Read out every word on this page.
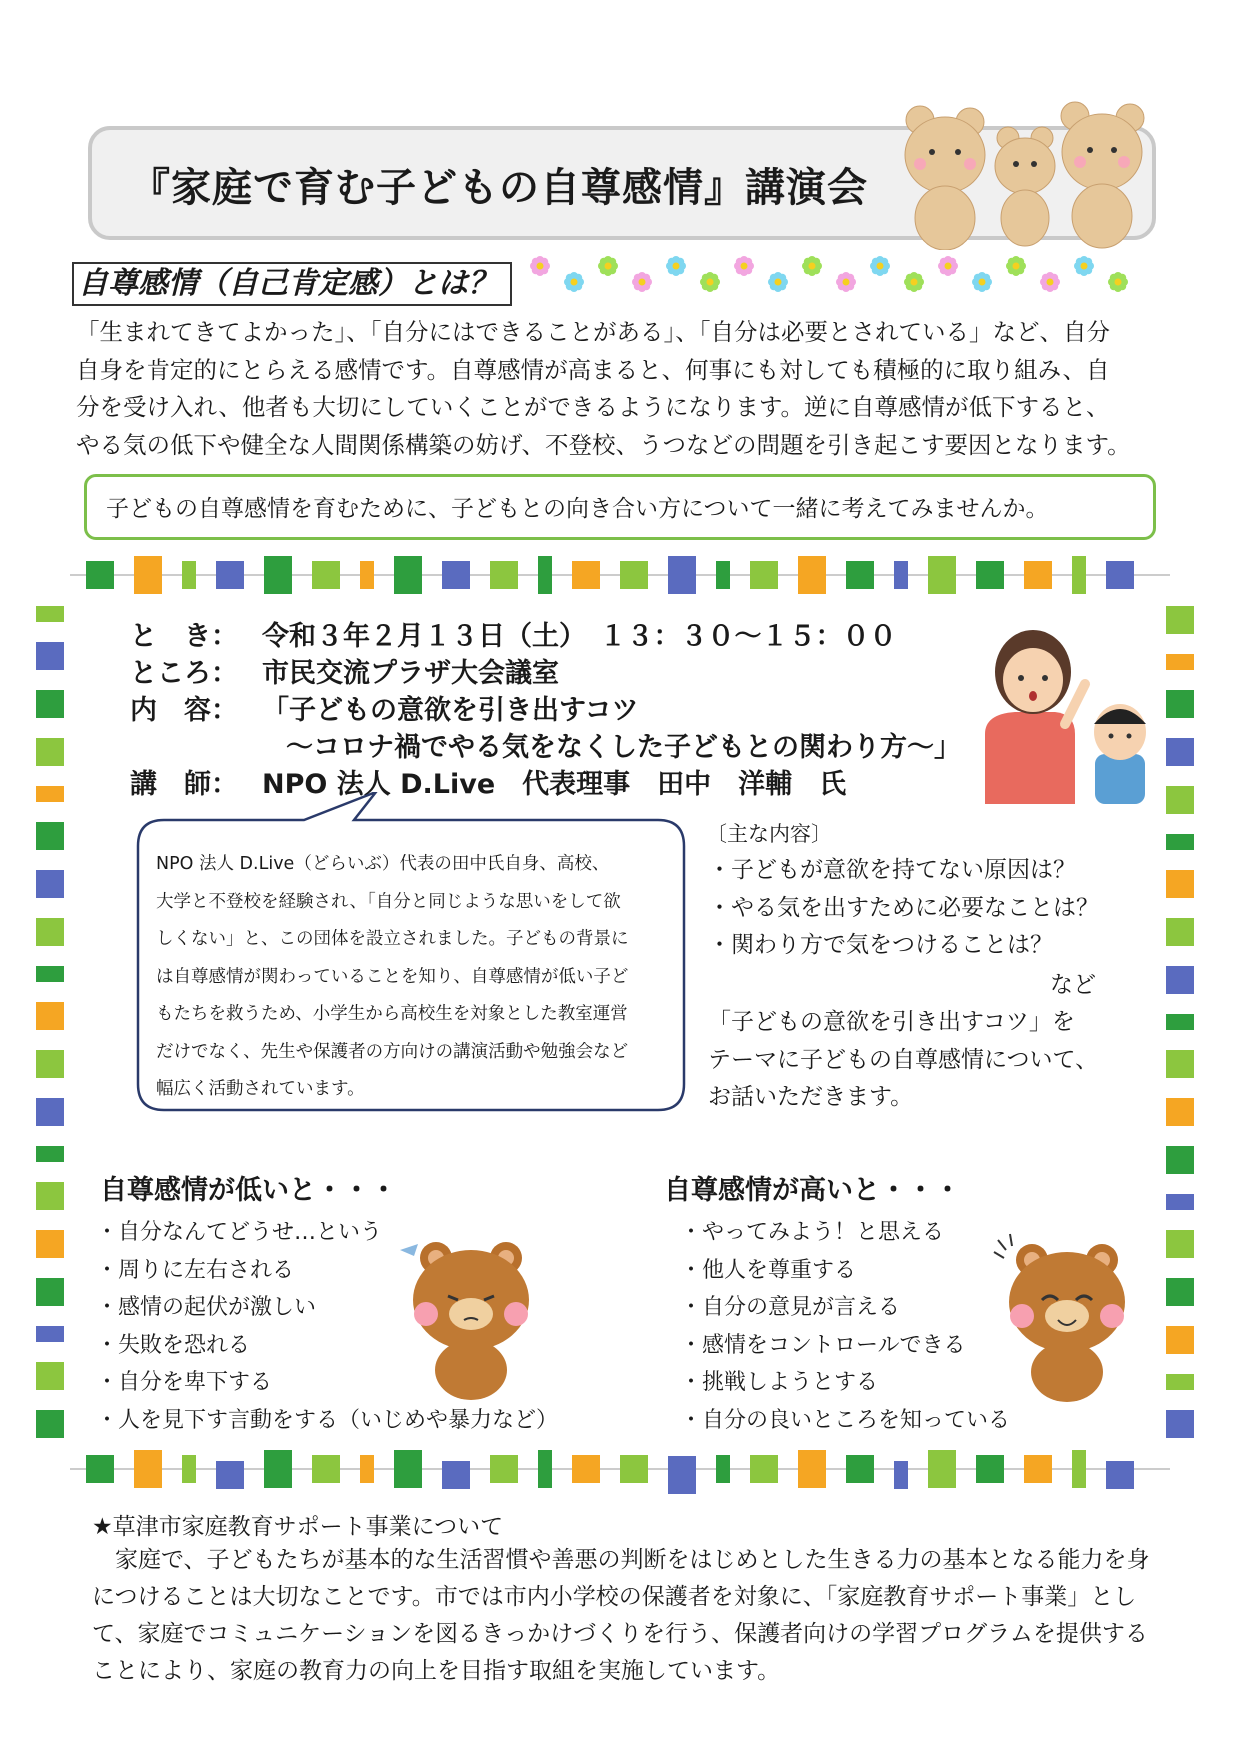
『家庭で育む子どもの自尊感情』講演会
自尊感情（自己肯定感）とは？
「生まれてきてよかった」、「自分にはできることがある」、「自分は必要とされている」など、自分
自身を肯定的にとらえる感情です。自尊感情が高まると、何事にも対しても積極的に取り組み、自
分を受け入れ、他者も大切にしていくことができるようになります。逆に自尊感情が低下すると、
やる気の低下や健全な人間関係構築の妨げ、不登校、うつなどの問題を引き起こす要因となります。
子どもの自尊感情を育むために、子どもとの向き合い方について一緒に考えてみませんか。
と　き： 令和３年２月１３日（土）　１３：３０～１５：００
ところ： 市民交流プラザ大会議室
内　容： 「子どもの意欲を引き出すコツ
～コロナ禍でやる気をなくした子どもとの関わり方～」
講　師： NPO 法人 D.Live　代表理事　田中　洋輔　氏
NPO 法人 D.Live（どらいぶ）代表の田中氏自身、高校、
大学と不登校を経験され、「自分と同じような思いをして欲
しくない」と、この団体を設立されました。子どもの背景に
は自尊感情が関わっていることを知り、自尊感情が低い子ど
もたちを救うため、小学生から高校生を対象とした教室運営
だけでなく、先生や保護者の方向けの講演活動や勉強会など
幅広く活動されています。
〔主な内容〕
・子どもが意欲を持てない原因は？
・やる気を出すために必要なことは？
・関わり方で気をつけることは？
など
「子どもの意欲を引き出すコツ」を
テーマに子どもの自尊感情について、
お話いただきます。
自尊感情が低いと・・・
・自分なんてどうせ…という
・周りに左右される
・感情の起伏が激しい
・失敗を恐れる
・自分を卑下する
・人を見下す言動をする（いじめや暴力など）
自尊感情が高いと・・・
・やってみよう！と思える
・他人を尊重する
・自分の意見が言える
・感情をコントロールできる
・挑戦しようとする
・自分の良いところを知っている
★草津市家庭教育サポート事業について
家庭で、子どもたちが基本的な生活習慣や善悪の判断をはじめとした生きる力の基本となる能力を身につけることは大切なことです。市では市内小学校の保護者を対象に、「家庭教育サポート事業」として、家庭でコミュニケーションを図るきっかけづくりを行う、保護者向けの学習プログラムを提供することにより、家庭の教育力の向上を目指す取組を実施しています。
